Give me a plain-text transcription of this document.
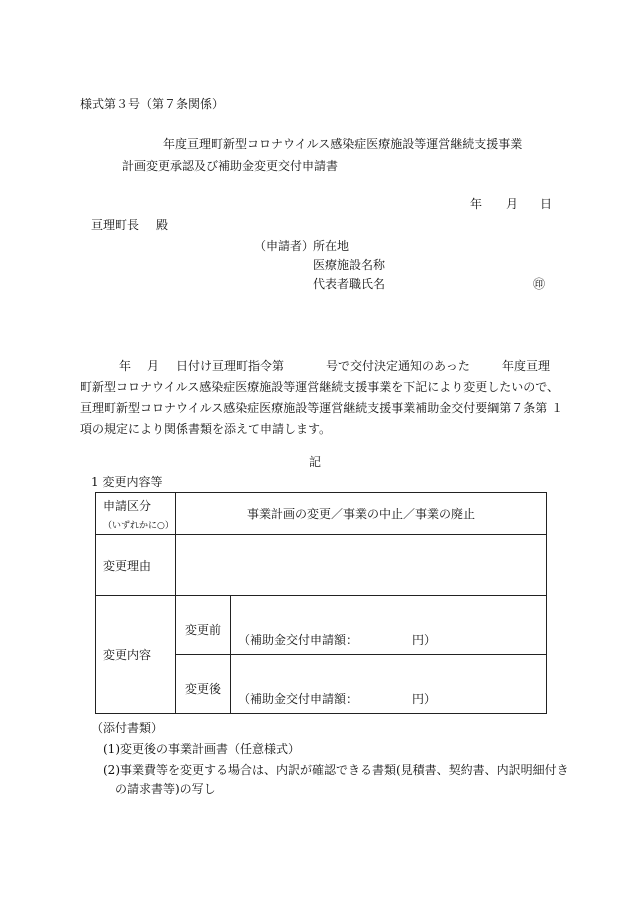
様式第３号（第７条関係）
年度亘理町新型コロナウイルス感染症医療施設等運営継続支援事業
計画変更承認及び補助金変更交付申請書
年 月 日
亘理町長 殿
（申請者）
所在地
医療施設名称
代表者職氏名	㊞
年 月 日付け亘理町指令第	号で交付決定通知のあった	年度亘理
町新型コロナウイルス感染症医療施設等運営継続支援事業を下記により変更したいので、
亘理町新型コロナウイルス感染症医療施設等運営継続支援事業補助金交付要綱第７条第 １
項の規定により関係書類を添えて申請します。
記
1 変更内容等
申請区分
（いずれかに○）	事業計画の変更／事業の中止／事業の廃止	
変更理由		
変更内容	変更前	（補助金交付申請額： 円）

	変更後	（補助金交付申請額： 円）
（添付書類）
(1)変更後の事業計画書（任意様式）
(2)事業費等を変更する場合は、内訳が確認できる書類(見積書、契約書、内訳明細付き
の請求書等)の写し
